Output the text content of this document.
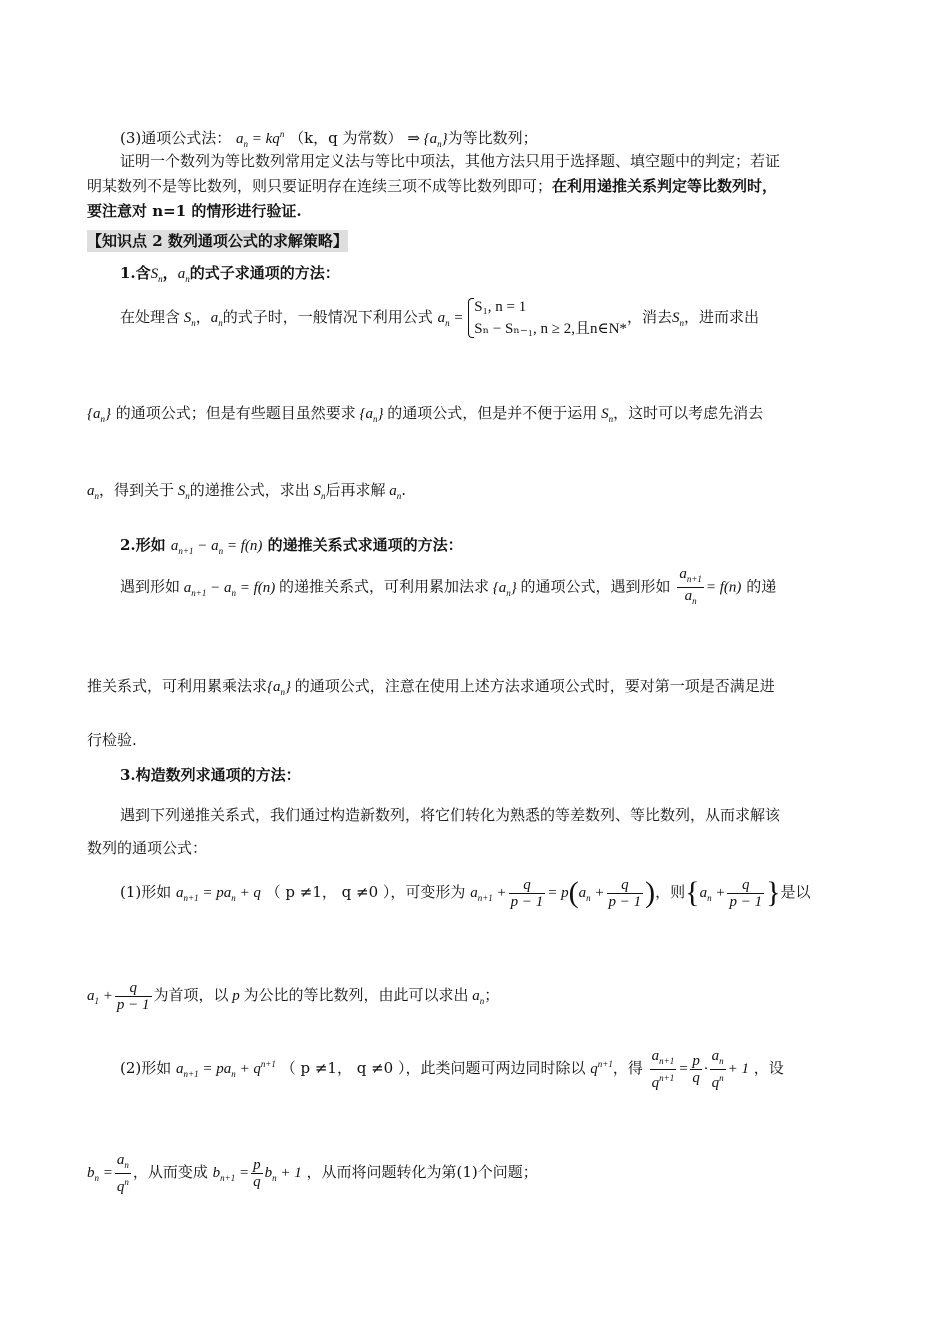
(3)通项公式法： $a_n = kq^n$ （k，q 为常数） ⇒ $\{a_n\}$为等比数列；
证明一个数列为等比数列常用定义法与等比中项法，其他方法只用于选择题、填空题中的判定；若证
明某数列不是等比数列，则只要证明存在连续三项不成等比数列即可；在利用递推关系判定等比数列时，
要注意对 n=1 的情形进行验证.
【知识点 2 数列通项公式的求解策略】
1.含$S_n$，$a_n$的式子求通项的方法：
在处理含 $S_n$，$a_n$的式子时，一般情况下利用公式 $a_n$ =
S₁, n = 1
Sₙ − Sₙ₋₁, n ≥ 2,且n∈N*
，消去$S_n$，进而求出
$\{a_n\}$ 的通项公式；但是有些题目虽然要求 $\{a_n\}$ 的通项公式，但是并不便于运用 $S_n$，这时可以考虑先消去
$a_n$，得到关于 $S_n$的递推公式，求出 $S_n$后再求解 $a_n$.
2.形如 $a_{n+1} - a_n = f(n)$ 的递推关系式求通项的方法：
遇到形如 $a_{n+1} - a_n = f(n)$ 的递推关系式，可利用累加法求 $\{a_n\}$ 的通项公式，遇到形如 $\frac{a_{n+1}}{a_n} = f(n)$ 的递
推关系式，可利用累乘法求$\{a_n\}$ 的通项公式，注意在使用上述方法求通项公式时，要对第一项是否满足进
行检验.
3.构造数列求通项的方法：
遇到下列递推关系式，我们通过构造新数列，将它们转化为熟悉的等差数列、等比数列，从而求解该
数列的通项公式：
(1)形如 $a_{n+1} = pa_n + q$ （ p ≠1， q ≠0 ），可变形为 $a_{n+1} + \frac{q}{p - 1} = p(a_n + \frac{q}{p - 1}$ )，则{$a_n + \frac{q}{p - 1}$ }是以
$a_1 + \frac{q}{p - 1}$ 为首项，以 p 为公比的等比数列，由此可以求出 $a_n$；
(2)形如 $a_{n+1} = pa_n + q^{n+1}$ （ p ≠1， q ≠0 ），此类问题可两边同时除以 $q^{n+1}$，得 $\frac{a_{n+1}}{q^{n+1}} = \frac{p}{q} \cdot \frac{a_n}{q^n} + 1$ ，设
$b_n = \frac{a_n}{q^n}$ ，从而变成 $b_{n+1} = \frac{p}{q} b_n + 1$ ，从而将问题转化为第(1)个问题；
